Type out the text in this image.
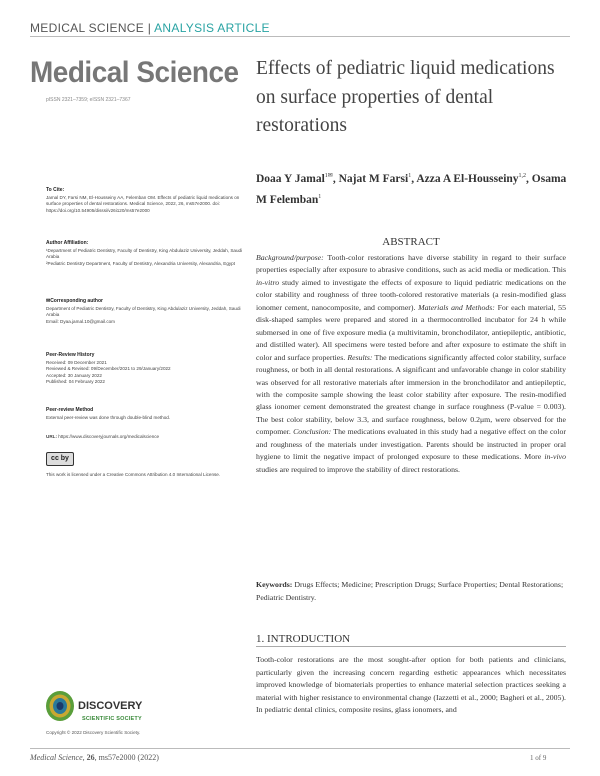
MEDICAL SCIENCE | ANALYSIS ARTICLE
Medical Science
pISSN 2321–7359; eISSN 2321–7367
Effects of pediatric liquid medications on surface properties of dental restorations
Doaa Y Jamal$^{1✉}$, Najat M Farsi$^1$, Azza A El-Housseiny$^{1,2}$, Osama M Felemban$^1$
To Cite:

Jamal DY, Farsi NM, El-Housseiny AA, Felemban OM. Effects of pediatric liquid medications on surface properties of dental restorations. Medical Science, 2022, 26, ms57e2000. doi: https://doi.org/10.54905/disssi/v26i120/ms57e2000

Author Affiliation:

¹Department of Pediatric Dentistry, Faculty of Dentistry, King Abdulaziz University, Jeddah, Saudi Arabia

²Pediatric Dentistry Department, Faculty of Dentistry, Alexandria University, Alexandria, Egypt

✉Corresponding author

Department of Pediatric Dentistry, Faculty of Dentistry, King Abdulaziz University, Jeddah, Saudi Arabia

Email: Dyaa.jamal.10@gmail.com

Peer-Review History

Received: 09 December 2021

Reviewed & Revised: 09/December/2021 to 29/January/2022

Accepted: 30 January 2022

Published: 04 February 2022

Peer-review Method

External peer-review was done through double-blind method.

URL: https://www.discoveryjournals.org/medicalscience

cc by

This work is licensed under a Creative Commons Attribution 4.0 International License.

ABSTRACT

Background/purpose: Tooth-color restorations have diverse stability in regard to their surface properties especially after exposure to abrasive conditions, such as acid media or medication. This in-vitro study aimed to investigate the effects of exposure to liquid pediatric medications on the color stability and roughness of three tooth-colored restorative materials (a resin-modified glass ionomer cement, nanocomposite, and compomer). Materials and Methods: For each material, 55 disk-shaped samples were prepared and stored in a thermocontrolled incubator for 24 h while submersed in one of five exposure media (a multivitamin, bronchodilator, antiepileptic, antibiotic, and distilled water). All specimens were tested before and after exposure to estimate the shift in color and surface properties. Results: The medications significantly affected color stability, surface roughness, or both in all dental restorations. A significant and unfavorable change in color stability was observed for all restorative materials after immersion in the bronchodilator and antiepileptic, with the composite sample showing the least color stability after exposure. The resin-modified glass ionomer cement demonstrated the greatest change in surface roughness (P-value = 0.003). The best color stability, below 3.3, and surface roughness, below 0.2μm, were observed for the compomer. Conclusion: The medications evaluated in this study had a negative effect on the color and roughness of the materials under investigation. Parents should be instructed in proper oral hygiene to limit the negative impact of prolonged exposure to these medications. More in-vivo studies are required to improve the stability of direct restorations.

Keywords: Drugs Effects; Medicine; Prescription Drugs; Surface Properties; Dental Restorations; Pediatric Dentistry.
1. INTRODUCTION

Tooth-color restorations are the most sought-after option for both patients and clinicians, particularly given the increasing concern regarding esthetic appearances which necessitates improved knowledge of biomaterials properties to enhance material selection practices seeking a material with higher resistance to environmental change (Iazzetti et al., 2000; Bagheri et al., 2005). In pediatric dental clinics, composite resins, glass ionomers, and

DISCOVERY
SCIENTIFIC SOCIETY
Copyright © 2022 Discovery Scientific Society.
Medical Science, 26, ms57e2000 (2022)	1 of 9
